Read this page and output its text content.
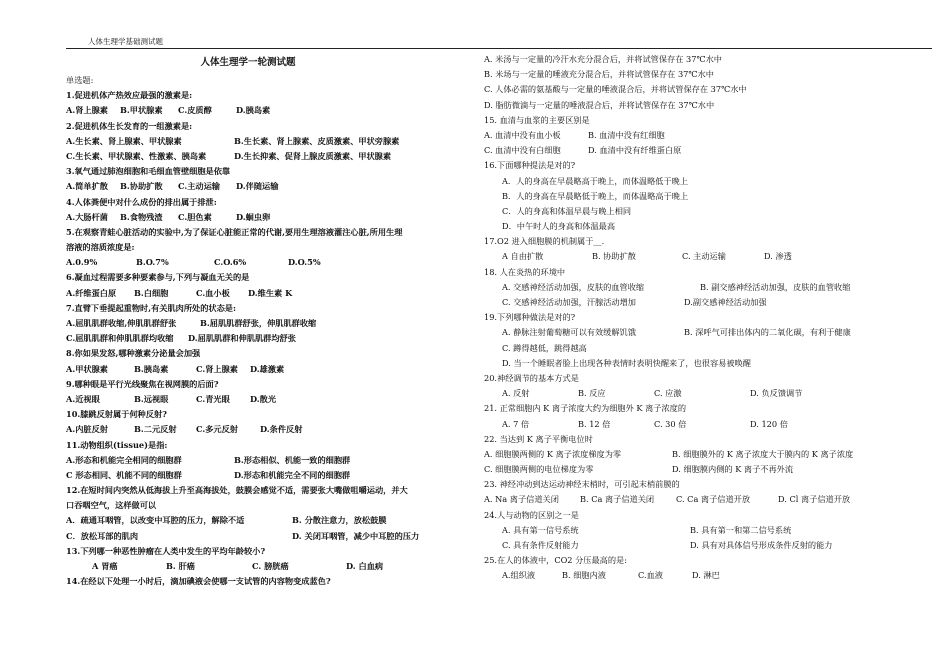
人体生理学基础测试题
人体生理学一轮测试题
单选题:
1.促进机体产热效应最强的激素是:
A.肾上腺素 B.甲状腺素 C.皮质醇	D.胰岛素
2.促进机体生长发育的一组激素是:
A.生长素、肾上腺素、甲状腺素	B.生长素、肾上腺素、皮质激素、甲状旁腺素
C.生长素、甲状腺素、性激素、胰岛素	D.生长抑素、促肾上腺皮质激素、甲状腺素
3.氧气通过肺泡细胞和毛细血管壁细胞是依靠
A.简单扩散 B.协助扩散 C.主动运输 D.伴随运输
4.人体粪便中对什么成份的排出属于排泄:
A.大肠杆菌 B.食物残渣 C.胆色素	D.蛔虫卵
5.在观察青蛙心脏活动的实验中,为了保证心脏能正常的代谢,要用生理溶液灌注心脏,所用生理
溶液的溶质浓度是:
A.0.9%	B.O.7%	C.O.6%	D.O.5%
6.凝血过程需要多种要素参与,下列与凝血无关的是
A.纤维蛋白原 B.白细胞	C.血小板 D.维生素 K
7.直臂下垂提起重物时,有关肌肉所处的状态是:
A.屈肌肌群收缩,伸肌肌群舒张	B.屈肌肌群舒张，伸肌肌群收缩
C.屈肌肌群和伸肌肌群均收缩 D.屈肌肌群和伸肌肌群均舒张
8.你如果发怒,哪种激素分泌量会加强
A.甲状腺素	B.胰岛素	C.肾上腺素 D.雄激素
9.哪种眼是平行光线聚焦在视网膜的后面?
A.近视眼	B.远视眼	C.青光眼 D.散光
10.膝跳反射属于何种反射?
A.内脏反射	B.二元反射 C.多元反射	D.条件反射
11.动物组织(tissue)是指:
A.形态和机能完全相同的细胞群	B.形态相似、机能一致的细胞群
C 形态相同、机能不同的细胞群	D.形态和机能完全不同的细胞群
12.在短时间内突然从低海拔上升至高海拔处，鼓膜会感觉不适，需要张大嘴做咀嚼运动，并大
口吞咽空气，这样做可以
A．疏通耳咽管，以改变中耳腔的压力，解除不适	B. 分散注意力，放松鼓膜
C．放松耳部的肌肉	D. 关闭耳咽管，减少中耳腔的压力
13.下列哪一种恶性肿瘤在人类中发生的平均年龄较小?
A 胃癌	B. 肝癌	C. 膀胱癌	D. 白血病
14.在经以下处理一小时后，滴加碘液会使哪一支试管的内容物变成蓝色?
A. 米汤与一定量的冷汗水充分混合后，并将试管保存在 37℃水中
B. 米场与一定量的唾液充分混合后，并将试管保存在 37℃水中
C. 人体必需的氨基酸与一定量的唾液混合后，并将试管保存在 37℃水中
D. 脂肪微滴与一定量的唾液混合后，并将试管保存在 37℃水中
15. 血清与血浆的主要区别是
A. 血清中没有血小板	B. 血清中没有红细胞
C. 血清中没有白细胞	D. 血清中没有纤维蛋白原
16.下面哪种提法是对的?
A．人的身高在早晨略高于晚上，而体温略低于晚上
B．人的身高在早晨略低于晚上，而体温略高于晚上
C．人的身高和体温早晨与晚上相同
D．中午时人的身高和体温最高
17.O2 进入细胞膜的机制属于__.
A 自由扩散	B. 协助扩散	C. 主动运输	D. 渗透
18. 人在炎热的环境中
A. 交感神经活动加强，皮肤的血管收缩	B. 副交感神经活动加强，皮肤的血管收缩
C. 交感神经活动加强，汗腺活动增加	D.副交感神经活动加强
19.下列哪种做法是对的?
A. 静脉注射葡萄糖可以有效缓解饥饿	B. 深呼气可排出体内的二氧化碳，有利于健康
C. 蹲得越低，跳得越高
D. 当一个睡眠者脸上出现各种表情时表明快醒来了，也很容易被唤醒
20.神经调节的基本方式是
A. 反射	B. 反应	C. 应激	D. 负反馈调节
21. 正常细胞内 K 离子浓度大约为细胞外 K 离子浓度的
A. 7 倍	B. 12 倍	C. 30 倍	D. 120 倍
22. 当达到 K 离子平衡电位时
A. 细胞膜两侧的 K 离子浓度梯度为零	B. 细胞膜外的 K 离子浓度大于膜内的 K 离子浓度
C. 细胞膜两侧的电位梯度为零	D. 细胞膜内侧的 K 离子不再外流
23. 神经冲动到达运动神经末梢时，可引起末梢前膜的
A. Na 离子信道关闭	B. Ca 离子信道关闭	C. Ca 离子信道开放	D. Cl 离子信道开放
24.人与动物的区别之一是
A. 具有第一信号系统	B. 具有第一和第二信号系统
C. 具有条件反射能力	D. 具有对具体信号形成条件反射的能力
25.在人的体液中，CO2 分压最高的是:
A.组织液	B. 细胞内液	C.血液	D. 淋巴
